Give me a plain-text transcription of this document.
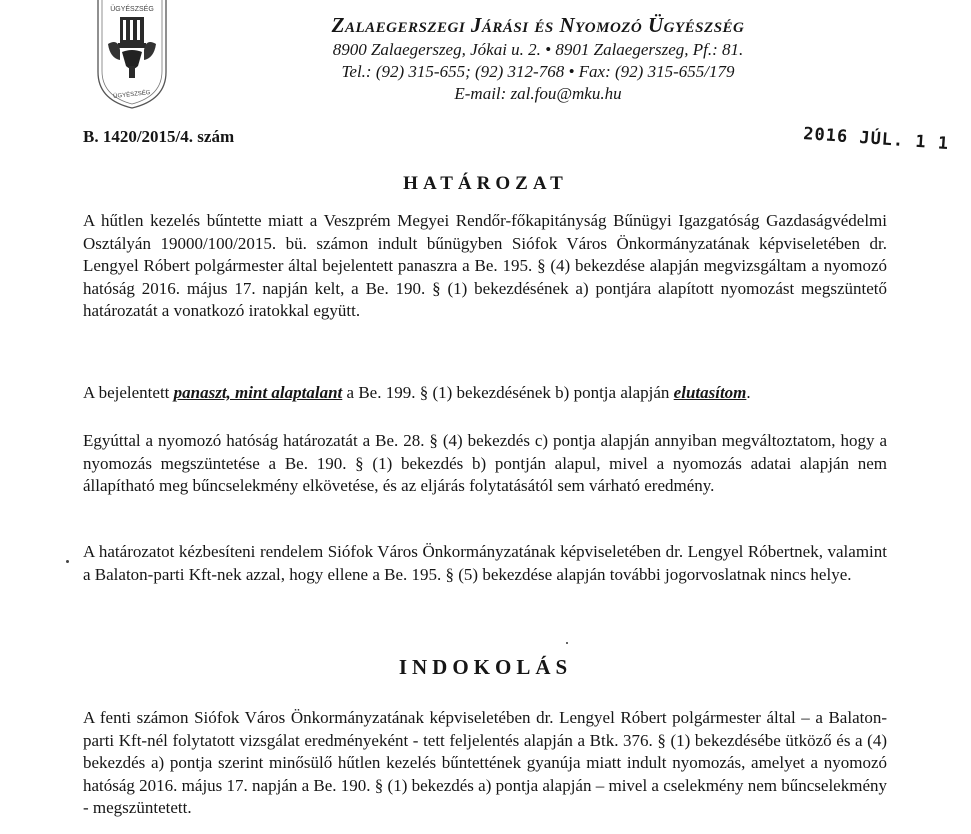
ÜGYÉSZSÉG
ÜGYÉSZSÉG
Zalaegerszegi Járási és Nyomozó Ügyészség
8900 Zalaegerszeg, Jókai u. 2. • 8901 Zalaegerszeg, Pf.: 81.
Tel.: (92) 315-655; (92) 312-768 • Fax: (92) 315-655/179
E-mail: zal.fou@mku.hu
B. 1420/2015/4. szám	2016 JÚL. 1 1
HATÁROZAT
A hűtlen kezelés bűntette miatt a Veszprém Megyei Rendőr-főkapitányság Bűnügyi Igazgatóság Gazdaságvédelmi Osztályán 19000/100/2015. bü. számon indult bűnügyben Siófok Város Önkormányzatának képviseletében dr. Lengyel Róbert polgármester által bejelentett panaszra a Be. 195. § (4) bekezdése alapján megvizsgáltam a nyomozó hatóság 2016. május 17. napján kelt, a Be. 190. § (1) bekezdésének a) pontjára alapított nyomozást megszüntető határozatát a vonatkozó iratokkal együtt.
A bejelentett panaszt, mint alaptalant a Be. 199. § (1) bekezdésének b) pontja alapján elutasítom.
Egyúttal a nyomozó hatóság határozatát a Be. 28. § (4) bekezdés c) pontja alapján annyiban megváltoztatom, hogy a nyomozás megszüntetése a Be. 190. § (1) bekezdés b) pontján alapul, mivel a nyomozás adatai alapján nem állapítható meg bűncselekmény elkövetése, és az eljárás folytatásától sem várható eredmény.
A határozatot kézbesíteni rendelem Siófok Város Önkormányzatának képviseletében dr. Lengyel Róbertnek, valamint a Balaton-parti Kft-nek azzal, hogy ellene a Be. 195. § (5) bekezdése alapján további jogorvoslatnak nincs helye.
INDOKOLÁS
A fenti számon Siófok Város Önkormányzatának képviseletében dr. Lengyel Róbert polgármester által – a Balaton-parti Kft-nél folytatott vizsgálat eredményeként - tett feljelentés alapján a Btk. 376. § (1) bekezdésébe ütköző és a (4) bekezdés a) pontja szerint minősülő hűtlen kezelés bűntettének gyanúja miatt indult nyomozás, amelyet a nyomozó hatóság 2016. május 17. napján a Be. 190. § (1) bekezdés a) pontja alapján – mivel a cselekmény nem bűncselekmény - megszüntetett.
